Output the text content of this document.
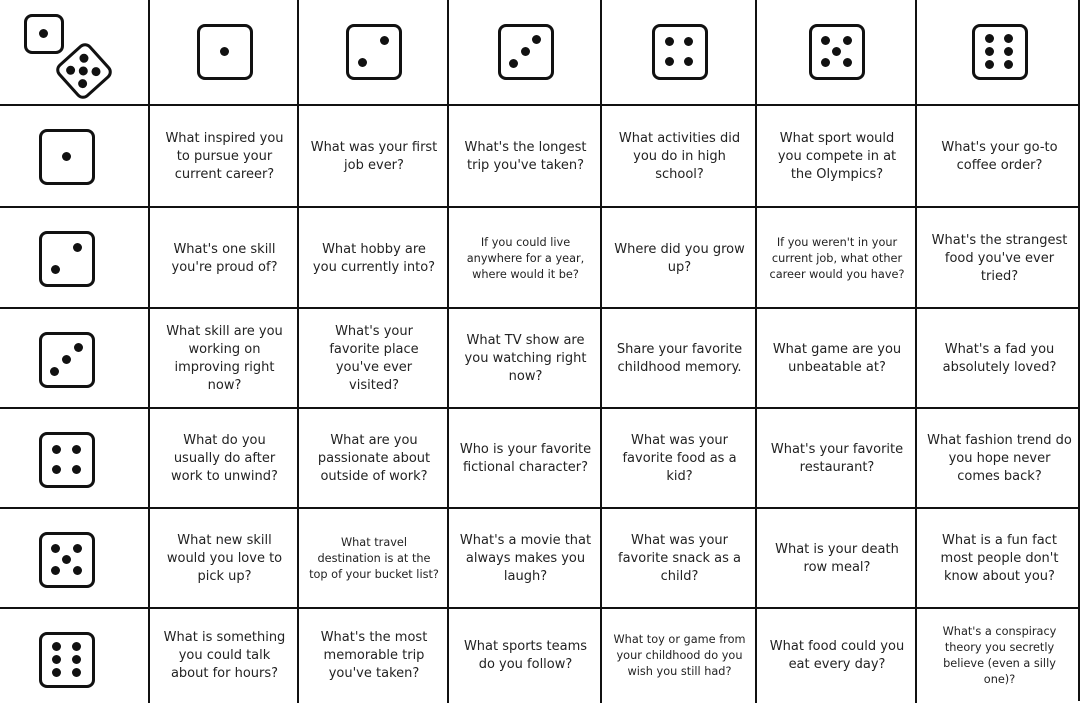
What inspired you to pursue your current career?
What was your first job ever?
What's the longest trip you've taken?
What activities did you do in high school?
What sport would you compete in at the Olympics?
What's your go-to coffee order?
What's one skill you're proud of?
What hobby are you currently into?
If you could live anywhere for a year, where would it be?
Where did you grow up?
If you weren't in your current job, what other career would you have?
What's the strangest food you've ever tried?
What skill are you working on improving right now?
What's your favorite place you've ever visited?
What TV show are you watching right now?
Share your favorite childhood memory.
What game are you unbeatable at?
What's a fad you absolutely loved?
What do you usually do after work to unwind?
What are you passionate about outside of work?
Who is your favorite fictional character?
What was your favorite food as a kid?
What's your favorite restaurant?
What fashion trend do you hope never comes back?
What new skill would you love to pick up?
What travel destination is at the top of your bucket list?
What's a movie that always makes you laugh?
What was your favorite snack as a child?
What is your death row meal?
What is a fun fact most people don't know about you?
What is something you could talk about for hours?
What's the most memorable trip you've taken?
What sports teams do you follow?
What toy or game from your childhood do you wish you still had?
What food could you eat every day?
What's a conspiracy theory you secretly believe (even a silly one)?
